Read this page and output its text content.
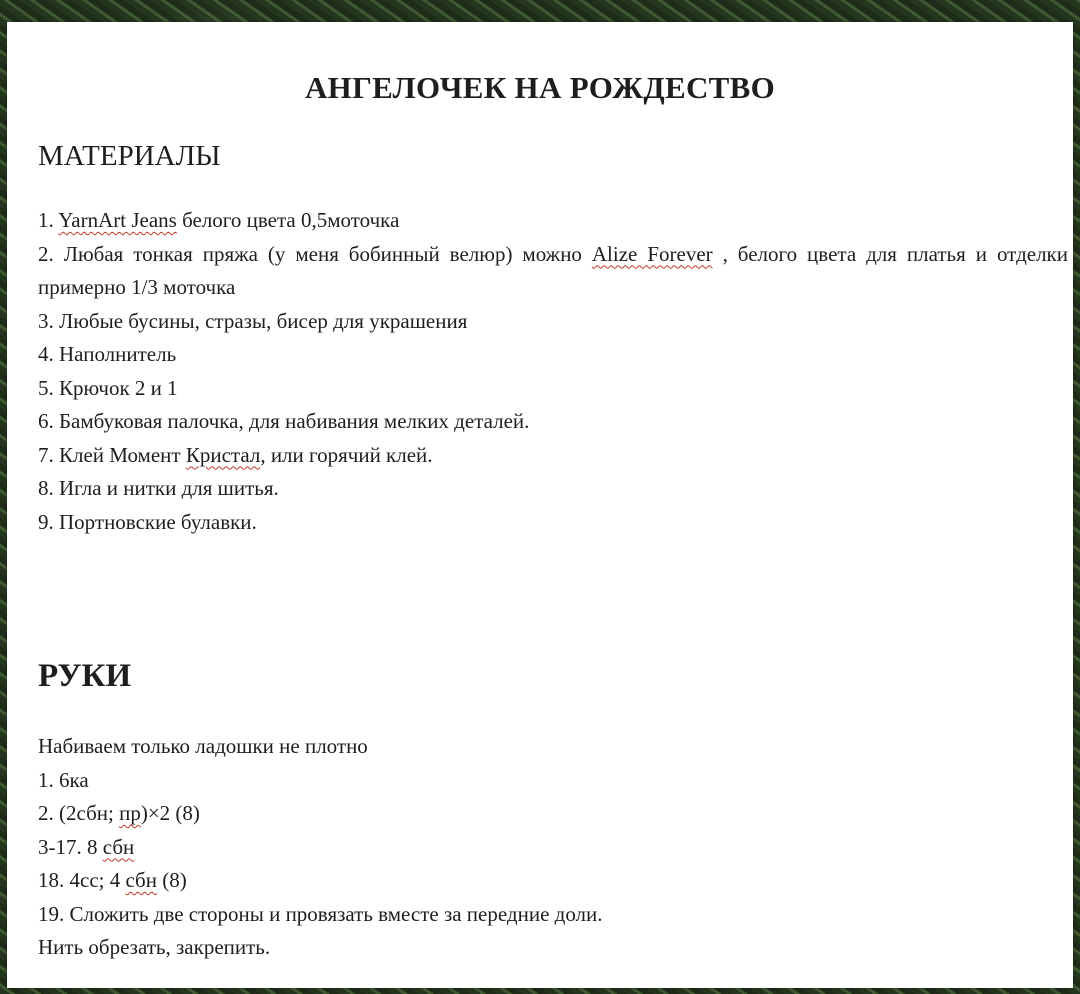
АНГЕЛОЧЕК НА РОЖДЕСТВО
МАТЕРИАЛЫ
1. YarnArt Jeans белого цвета 0,5моточка
2. Любая тонкая пряжа (у меня бобинный велюр) можно Alize Forever , белого цвета для платья и отделки примерно 1/3 моточка
3. Любые бусины, стразы, бисер для украшения
4. Наполнитель
5. Крючок 2 и 1
6. Бамбуковая палочка, для набивания мелких деталей.
7. Клей Момент Кристал, или горячий клей.
8. Игла и нитки для шитья.
9. Портновские булавки.
РУКИ
Набиваем только ладошки не плотно
1. 6ка
2. (2сбн; пр)×2 (8)
3-17. 8 сбн
18. 4сс; 4 сбн (8)
19. Сложить две стороны и провязать вместе за передние доли.
Нить обрезать, закрепить.
